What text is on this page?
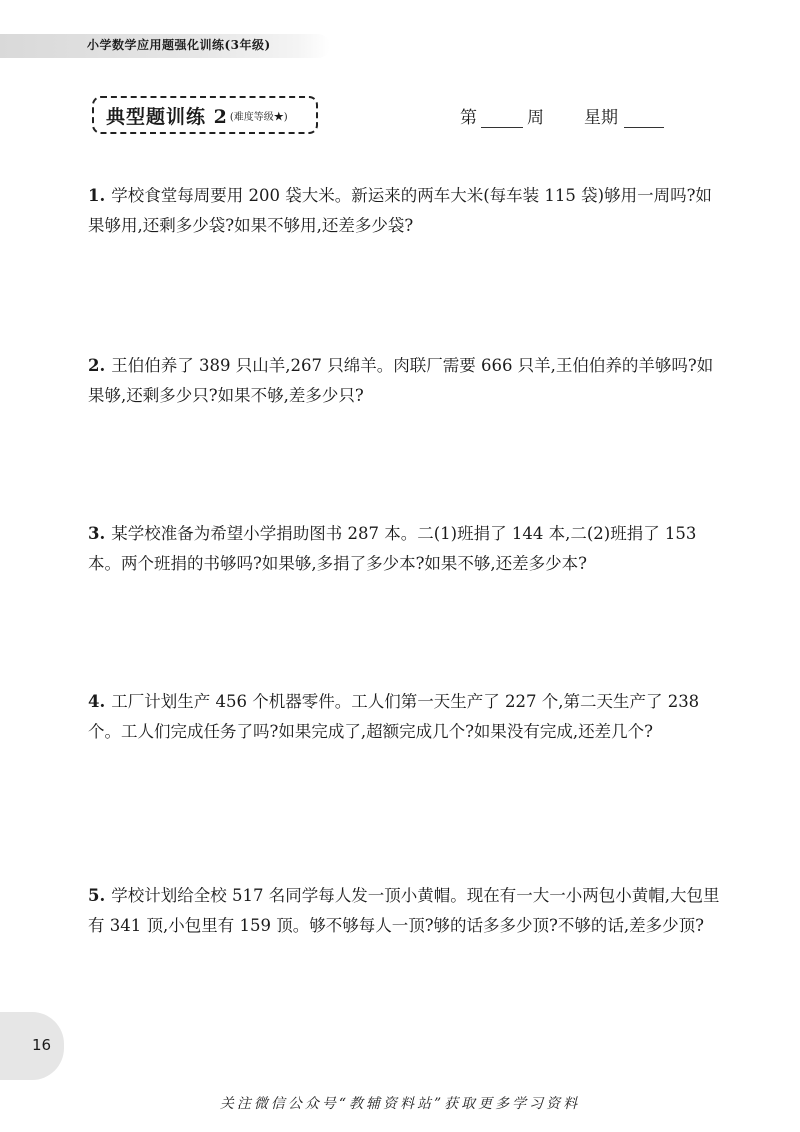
小学数学应用题强化训练(3年级)
典型题训练 2 (难度等级★)	第	周 星期
1. 学校食堂每周要用 200 袋大米。新运来的两车大米(每车装 115 袋)够用一周吗?如果够用,还剩多少袋?如果不够用,还差多少袋?
2. 王伯伯养了 389 只山羊,267 只绵羊。肉联厂需要 666 只羊,王伯伯养的羊够吗?如果够,还剩多少只?如果不够,差多少只?
3. 某学校准备为希望小学捐助图书 287 本。二(1)班捐了 144 本,二(2)班捐了 153 本。两个班捐的书够吗?如果够,多捐了多少本?如果不够,还差多少本?
4. 工厂计划生产 456 个机器零件。工人们第一天生产了 227 个,第二天生产了 238 个。工人们完成任务了吗?如果完成了,超额完成几个?如果没有完成,还差几个?
5. 学校计划给全校 517 名同学每人发一顶小黄帽。现在有一大一小两包小黄帽,大包里有 341 顶,小包里有 159 顶。够不够每人一顶?够的话多多少顶?不够的话,差多少顶?
16
关注微信公众号“教辅资料站”获取更多学习资料
